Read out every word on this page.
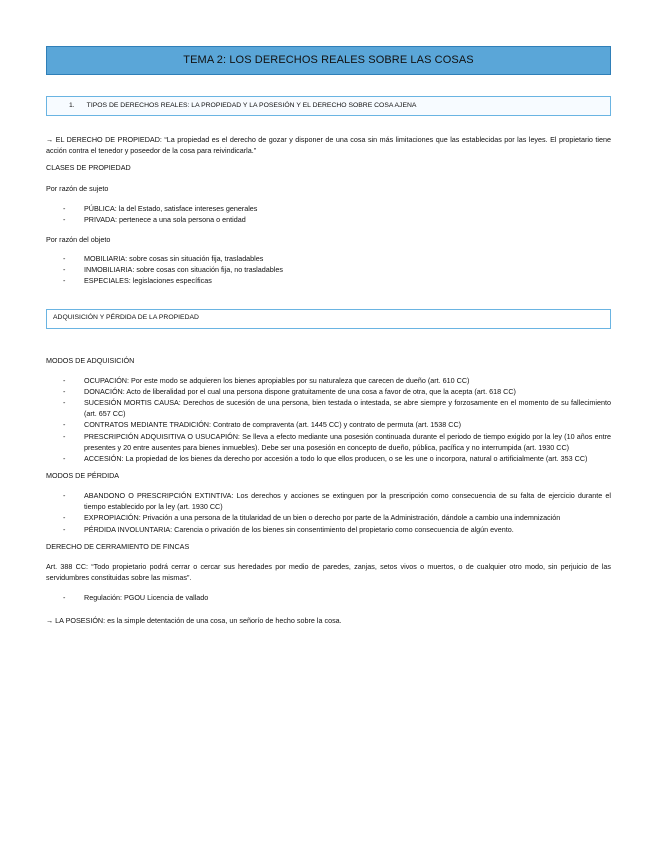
TEMA 2: LOS DERECHOS REALES SOBRE LAS COSAS
1. TIPOS DE DERECHOS REALES: LA PROPIEDAD Y LA POSESIÓN Y EL DERECHO SOBRE COSA AJENA

→ EL DERECHO DE PROPIEDAD: “La propiedad es el derecho de gozar y disponer de una cosa sin más limitaciones que las establecidas por las leyes. El propietario tiene acción contra el tenedor y poseedor de la cosa para reivindicarla.”

CLASES DE PROPIEDAD

Por razón de sujeto

- PÚBLICA: la del Estado, satisface intereses generales
- PRIVADA: pertenece a una sola persona o entidad

Por razón del objeto

- MOBILIARIA: sobre cosas sin situación fija, trasladables
- INMOBILIARIA: sobre cosas con situación fija, no trasladables
- ESPECIALES: legislaciones específicas
ADQUISICIÓN Y PÉRDIDA DE LA PROPIEDAD

MODOS DE ADQUISICIÓN

- OCUPACIÓN: Por este modo se adquieren los bienes apropiables por su naturaleza que carecen de dueño (art. 610 CC)
- DONACIÓN: Acto de liberalidad por el cual una persona dispone gratuitamente de una cosa a favor de otra, que la acepta (art. 618 CC)
- SUCESIÓN MORTIS CAUSA: Derechos de sucesión de una persona, bien testada o intestada, se abre siempre y forzosamente en el momento de su fallecimiento (art. 657 CC)
- CONTRATOS MEDIANTE TRADICIÓN: Contrato de compraventa (art. 1445 CC) y contrato de permuta (art. 1538 CC)
- PRESCRIPCIÓN ADQUISITIVA O USUCAPIÓN: Se lleva a efecto mediante una posesión continuada durante el periodo de tiempo exigido por la ley (10 años entre presentes y 20 entre ausentes para bienes inmuebles). Debe ser una posesión en concepto de dueño, pública, pacífica y no interrumpida (art. 1930 CC)
- ACCESIÓN: La propiedad de los bienes da derecho por accesión a todo lo que ellos producen, o se les une o incorpora, natural o artificialmente (art. 353 CC)

MODOS DE PÉRDIDA

- ABANDONO O PRESCRIPCIÓN EXTINTIVA: Los derechos y acciones se extinguen por la prescripción como consecuencia de su falta de ejercicio durante el tiempo establecido por la ley (art. 1930 CC)
- EXPROPIACIÓN: Privación a una persona de la titularidad de un bien o derecho por parte de la Administración, dándole a cambio una indemnización
- PÉRDIDA INVOLUNTARIA: Carencia o privación de los bienes sin consentimiento del propietario como consecuencia de algún evento.

DERECHO DE CERRAMIENTO DE FINCAS

Art. 388 CC: “Todo propietario podrá cerrar o cercar sus heredades por medio de paredes, zanjas, setos vivos o muertos, o de cualquier otro modo, sin perjuicio de las servidumbres constituidas sobre las mismas”.

- Regulación: PGOU Licencia de vallado

→ LA POSESIÓN: es la simple detentación de una cosa, un señorío de hecho sobre la cosa.
